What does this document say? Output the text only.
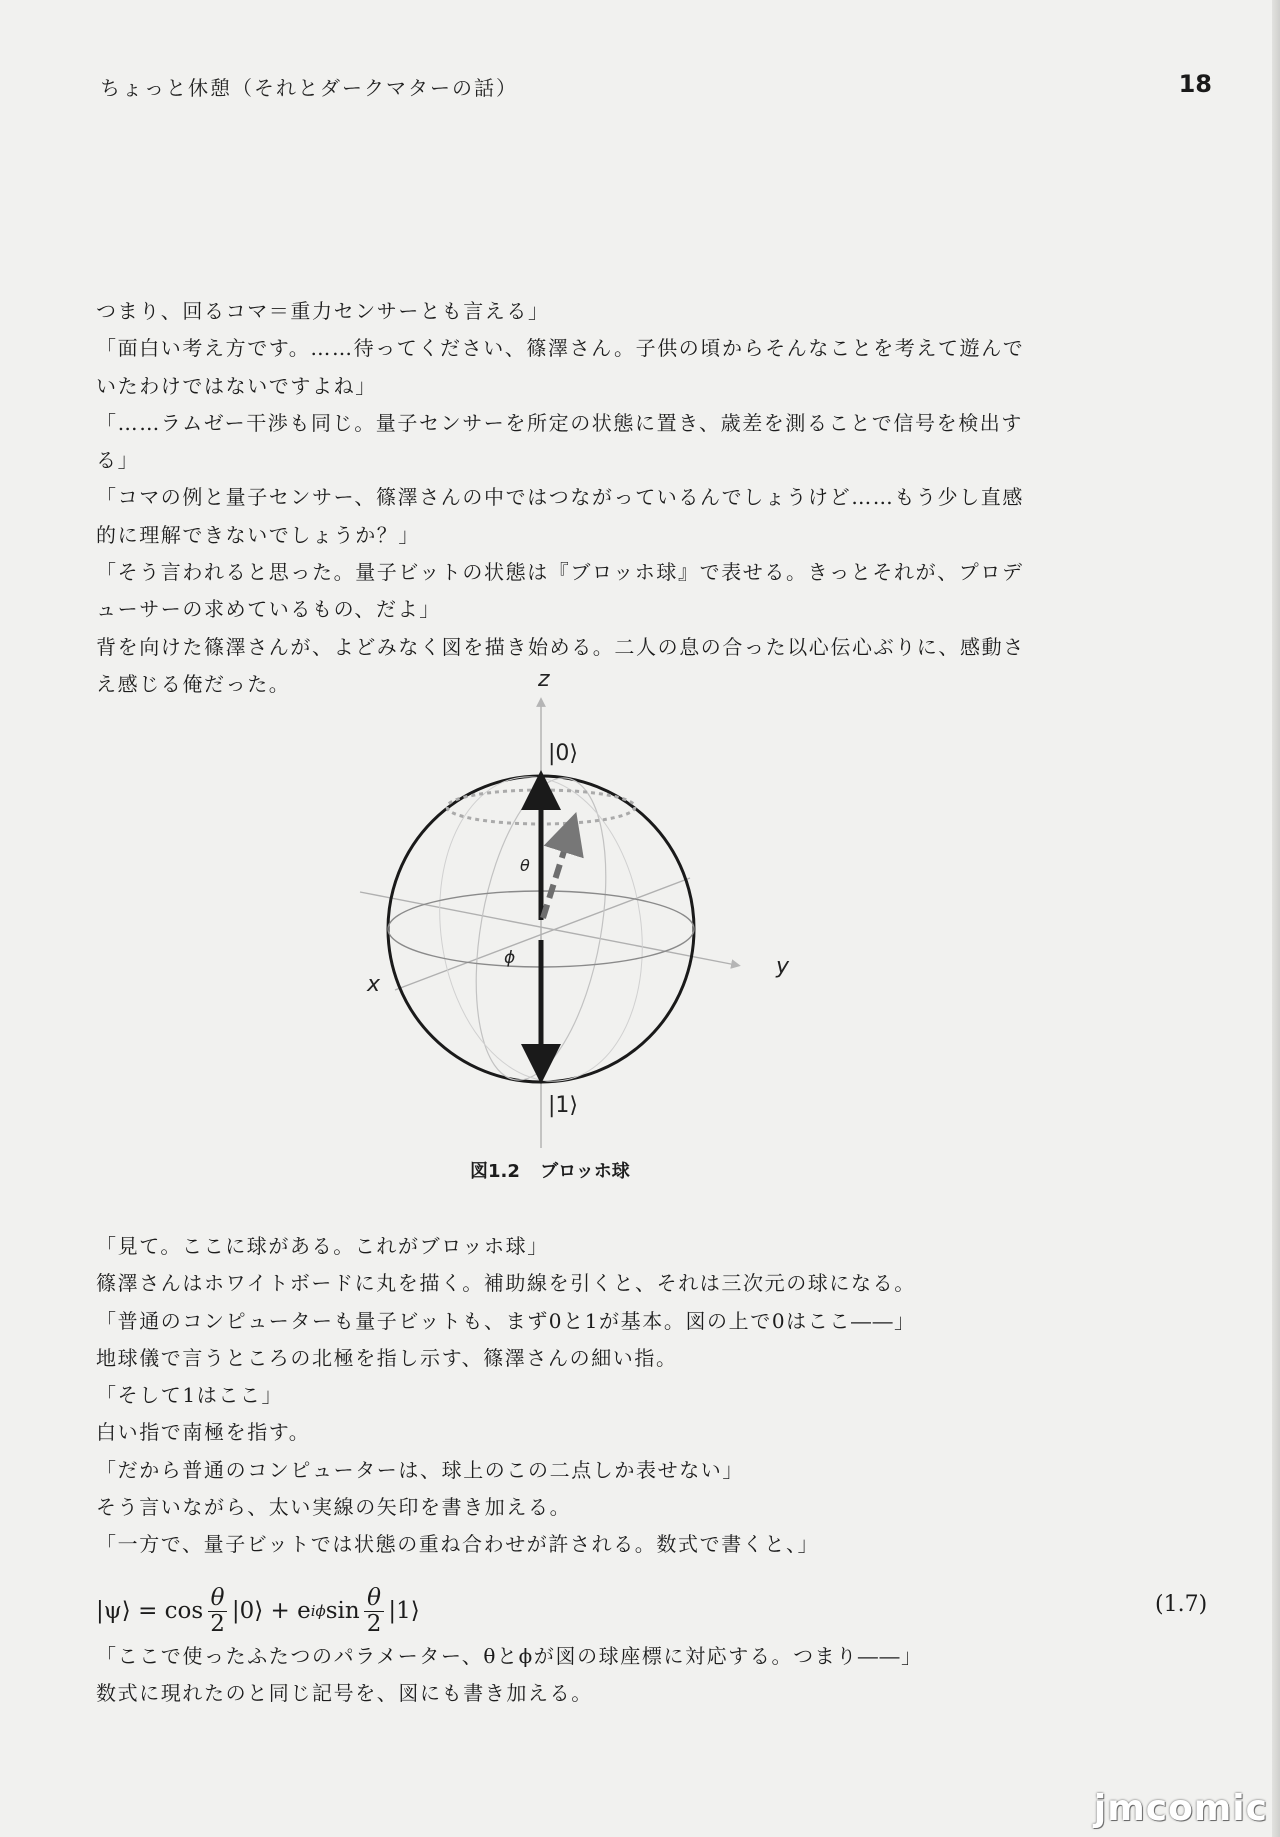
ちょっと休憩（それとダークマターの話）	18

つまり、回るコマ＝重力センサーとも言える」

「面白い考え方です。……待ってください、篠澤さん。子供の頃からそんなことを考えて遊んでいたわけではないですよね」

「……ラムゼー干渉も同じ。量子センサーを所定の状態に置き、歳差を測ることで信号を検出する」

「コマの例と量子センサー、篠澤さんの中ではつながっているんでしょうけど……もう少し直感的に理解できないでしょうか？」

「そう言われると思った。量子ビットの状態は『ブロッホ球』で表せる。きっとそれが、プロデューサーの求めているもの、だよ」

背を向けた篠澤さんが、よどみなく図を描き始める。二人の息の合った以心伝心ぶりに、感動さえ感じる俺だった。	z
x
y
|0⟩
|1⟩
θ
ϕ
図1.2 ブロッホ球

「見て。ここに球がある。これがブロッホ球」

篠澤さんはホワイトボードに丸を描く。補助線を引くと、それは三次元の球になる。

「普通のコンピューターも量子ビットも、まず0と1が基本。図の上で0はここ――」

地球儀で言うところの北極を指し示す、篠澤さんの細い指。

「そして1はここ」

白い指で南極を指す。

「だから普通のコンピューターは、球上のこの二点しか表せない」

そう言いながら、太い実線の矢印を書き加える。

「一方で、量子ビットでは状態の重ね合わせが許される。数式で書くと、」

|ψ⟩ = $\cos \frac{\theta}{2}$ |0⟩ + e iϕ $\sin \frac{\theta}{2}$ |1⟩	(1.7)

「ここで使ったふたつのパラメーター、θとϕが図の球座標に対応する。つまり――」

数式に現れたのと同じ記号を、図にも書き加える。

jmcomic
